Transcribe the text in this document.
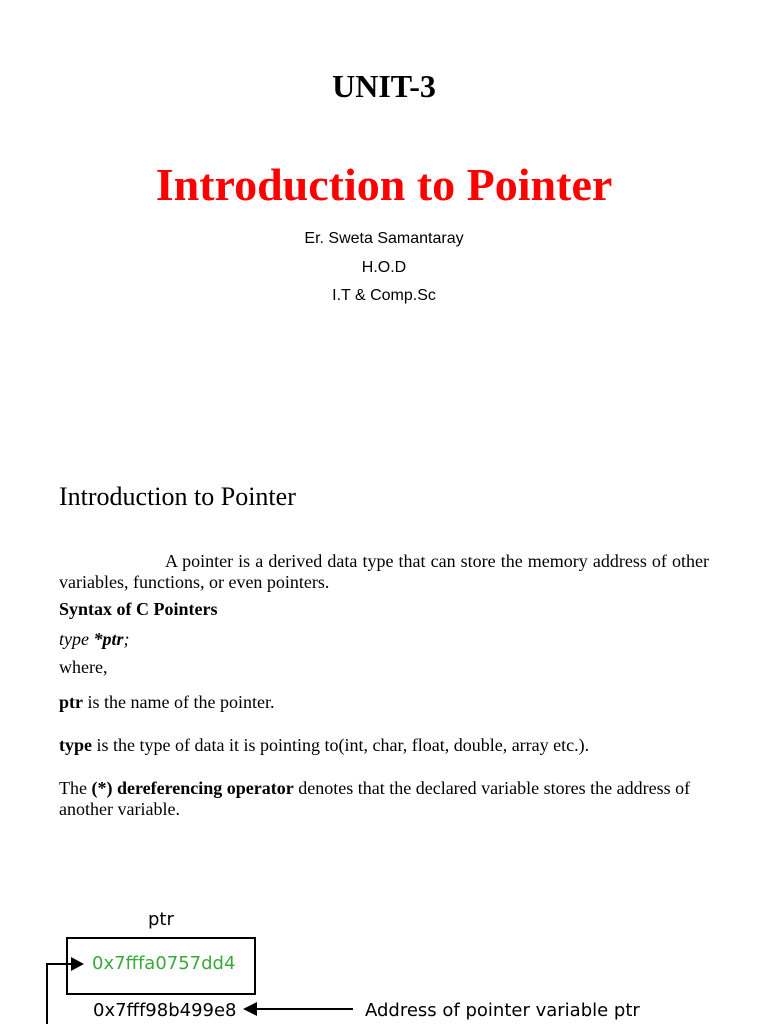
UNIT-3
Introduction to Pointer
Er. Sweta Samantaray
H.O.D
I.T & Comp.Sc
Introduction to Pointer
A pointer is a derived data type that can store the memory address of other variables, functions, or even pointers.
Syntax of C Pointers
type *ptr;
where,
ptr is the name of the pointer.
type is the type of data it is pointing to(int, char, float, double, array etc.).
The (*) dereferencing operator denotes that the declared variable stores the address of another variable.
ptr
0x7fffa0757dd4
0x7fff98b499e8	Address of pointer variable ptr
